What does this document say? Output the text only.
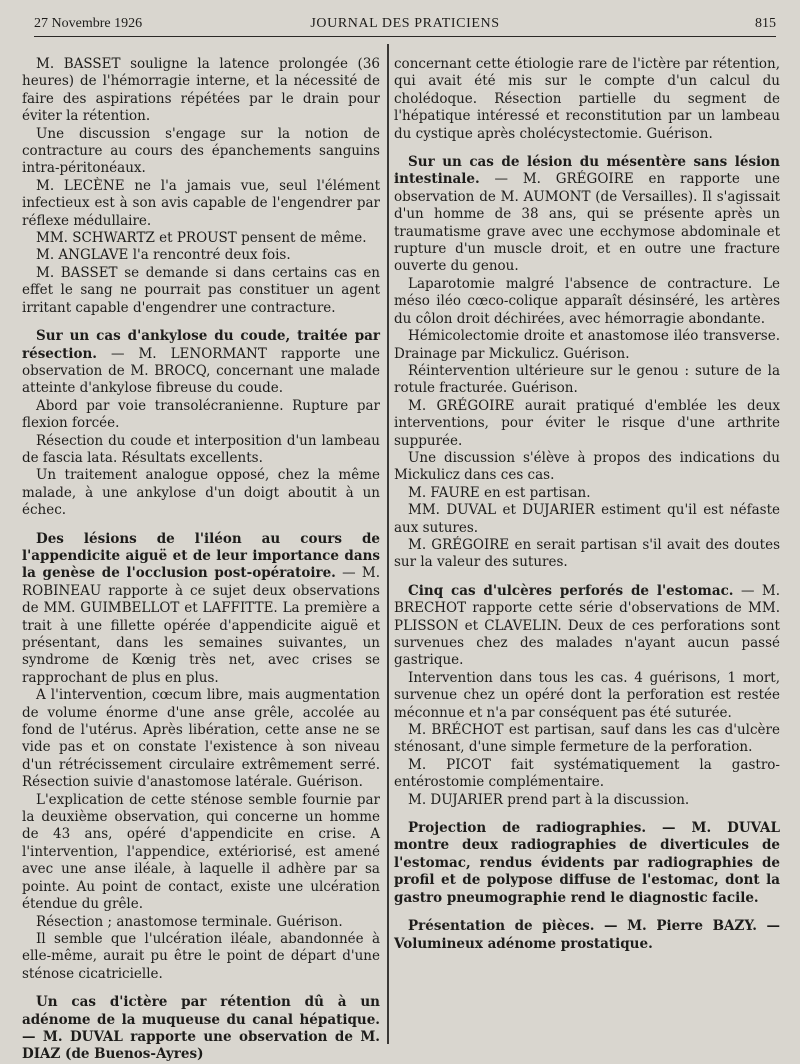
27 Novembre 1926	JOURNAL DES PRATICIENS	815

M. BASSET souligne la latence prolongée (36 heures) de l'hémorragie interne, et la nécessité de faire des aspirations répétées par le drain pour éviter la rétention.

Une discussion s'engage sur la notion de contracture au cours des épanchements sanguins intra-péritonéaux.

M. LECÈNE ne l'a jamais vue, seul l'élément infectieux est à son avis capable de l'engendrer par réflexe médullaire.

MM. SCHWARTZ et PROUST pensent de même.

M. ANGLAVE l'a rencontré deux fois.

M. BASSET se demande si dans certains cas en effet le sang ne pourrait pas constituer un agent irritant capable d'engendrer une contracture.

Sur un cas d'ankylose du coude, traitée par résection. — M. LENORMANT rapporte une observation de M. BROCQ, concernant une malade atteinte d'ankylose fibreuse du coude.

Abord par voie transolécranienne. Rupture par flexion forcée.

Résection du coude et interposition d'un lambeau de fascia lata. Résultats excellents.

Un traitement analogue opposé, chez la même malade, à une ankylose d'un doigt aboutit à un échec.

Des lésions de l'iléon au cours de l'appendicite aiguë et de leur importance dans la genèse de l'occlusion post-opératoire. — M. ROBINEAU rapporte à ce sujet deux observations de MM. GUIMBELLOT et LAFFITTE. La première a trait à une fillette opérée d'appendicite aiguë et présentant, dans les semaines suivantes, un syndrome de Kœnig très net, avec crises se rapprochant de plus en plus.

A l'intervention, cœcum libre, mais augmentation de volume énorme d'une anse grêle, accolée au fond de l'utérus. Après libération, cette anse ne se vide pas et on constate l'existence à son niveau d'un rétrécissement circulaire extrêmement serré. Résection suivie d'anastomose latérale. Guérison.

L'explication de cette sténose semble fournie par la deuxième observation, qui concerne un homme de 43 ans, opéré d'appendicite en crise. A l'intervention, l'appendice, extériorisé, est amené avec une anse iléale, à laquelle il adhère par sa pointe. Au point de contact, existe une ulcération étendue du grêle.

Résection ; anastomose terminale. Guérison.

Il semble que l'ulcération iléale, abandonnée à elle-même, aurait pu être le point de départ d'une sténose cicatricielle.

Un cas d'ictère par rétention dû à un adénome de la muqueuse du canal hépatique. — M. DUVAL rapporte une observation de M. DIAZ (de Buenos-Ayres)

concernant cette étiologie rare de l'ictère par rétention, qui avait été mis sur le compte d'un calcul du cholédoque. Résection partielle du segment de l'hépatique intéressé et reconstitution par un lambeau du cystique après cholécystectomie. Guérison.

Sur un cas de lésion du mésentère sans lésion intestinale. — M. GRÉGOIRE en rapporte une observation de M. AUMONT (de Versailles). Il s'agissait d'un homme de 38 ans, qui se présente après un traumatisme grave avec une ecchymose abdominale et rupture d'un muscle droit, et en outre une fracture ouverte du genou.

Laparotomie malgré l'absence de contracture. Le méso iléo cœco-colique apparaît désinséré, les artères du côlon droit déchirées, avec hémorragie abondante.

Hémicolectomie droite et anastomose iléo transverse. Drainage par Mickulicz. Guérison.

Réintervention ultérieure sur le genou : suture de la rotule fracturée. Guérison.

M. GRÉGOIRE aurait pratiqué d'emblée les deux interventions, pour éviter le risque d'une arthrite suppurée.

Une discussion s'élève à propos des indications du Mickulicz dans ces cas.

M. FAURE en est partisan.

MM. DUVAL et DUJARIER estiment qu'il est néfaste aux sutures.

M. GRÉGOIRE en serait partisan s'il avait des doutes sur la valeur des sutures.

Cinq cas d'ulcères perforés de l'estomac. — M. BRECHOT rapporte cette série d'observations de MM. PLISSON et CLAVELIN. Deux de ces perforations sont survenues chez des malades n'ayant aucun passé gastrique.

Intervention dans tous les cas. 4 guérisons, 1 mort, survenue chez un opéré dont la perforation est restée méconnue et n'a par conséquent pas été suturée.

M. BRÉCHOT est partisan, sauf dans les cas d'ulcère sténosant, d'une simple fermeture de la perforation.

M. PICOT fait systématiquement la gastro-entérostomie complémentaire.

M. DUJARIER prend part à la discussion.

Projection de radiographies. — M. DUVAL montre deux radiographies de diverticules de l'estomac, rendus évidents par radiographies de profil et de polypose diffuse de l'estomac, dont la gastro pneumographie rend le diagnostic facile.

Présentation de pièces. — M. Pierre BAZY. — Volumineux adénome prostatique.
